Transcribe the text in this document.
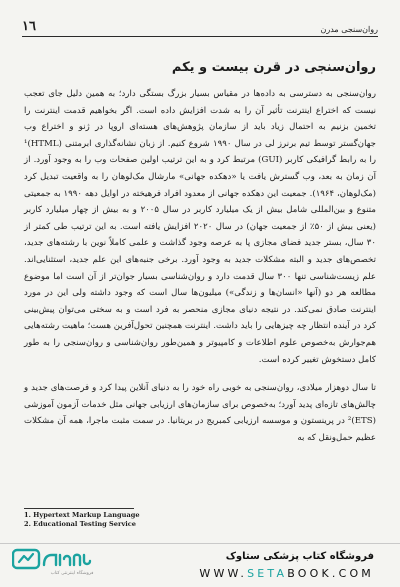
١٦	روان‌سنجی مدرن
روان‌سنجی در قرن بیست و یکم

روان‌سنجی به دسترسی به داده‌ها در مقیاس بسیار بزرگ بستگی دارد؛ به همین دلیل جای تعجب نیست که اختراع اینترنت تأثیر آن را به شدت افزایش داده است. اگر بخواهیم قدمت اینترنت را تخمین بزنیم به احتمال زیاد باید از سازمان پژوهش‌های هسته‌ای اروپا در ژنو و اختراع وب جهان‌گستر توسط تیم برنرز لی در سال ۱۹۹۰ شروع کنیم. از زبان نشانه‌گذاری ابرمتنی (HTML)¹ را به رابط گرافیکی کاربر (GUI) مرتبط کرد و به این ترتیب اولین صفحات وب را به وجود آورد. از آن زمان به بعد، وب گسترش یافت یا «دهکده جهانی» مارشال مک‌لوهان را به واقعیت تبدیل کرد (مک‌لوهان، ۱۹۶۴). جمعیت این دهکده جهانی از معدود افراد فرهیخته در اوایل دهه ۱۹۹۰ به جمعیتی متنوع و بین‌المللی شامل بیش از یک میلیارد کاربر در سال ۲۰۰۵ و به بیش از چهار میلیارد کاربر (یعنی بیش از ۵۰٪ از جمعیت جهان) در سال ۲۰۲۰ افزایش یافته است. به این ترتیب طی کمتر از ۳۰ سال، بستر جدید فضای مجازی پا به عرصه وجود گذاشت و علمی کاملاً نوین با رشته‌های جدید، تخصص‌های جدید و البته مشکلات جدید به وجود آورد. برخی جنبه‌های این علم جدید، استثنایی‌اند. علم زیست‌شناسی تنها ۳۰۰ سال قدمت دارد و روان‌شناسی بسیار جوان‌تر از آن است اما موضوع مطالعه هر دو (آنها «انسان‌ها و زندگی») میلیون‌ها سال است که وجود داشته ولی این در مورد اینترنت صادق نمی‌کند. در نتیجه دنیای مجازی منحصر به فرد است و به سختی می‌توان پیش‌بینی کرد در آینده انتظار چه چیزهایی را باید داشت. اینترنت همچنین تحول‌آفرین هست؛ ماهیت رشته‌هایی هم‌جوارش به‌خصوص علوم اطلاعات و کامپیوتر و همین‌طور روان‌شناسی و روان‌سنجی را به طور کامل دستخوش تغییر کرده است.

تا سال دوهزار میلادی، روان‌سنجی به خوبی راه خود را به دنیای آنلاین پیدا کرد و فرصت‌های جدید و چالش‌های تازه‌ای پدید آورد؛ به‌خصوص برای سازمان‌های ارزیابی جهانی مثل خدمات آزمون آموزشی (ETS)² در پرینستون و موسسه ارزیابی کمبریج در بریتانیا. در سمت مثبت ماجرا، همه آن مشکلات عظیم حمل‌ونقل که به

1. Hypertext Markup Language
2. Educational Testing Service
فروشگاه اینترنتی کتاب
فروشگاه کتاب پزشکی ستاوک
WWW.SETABOOK.COM
